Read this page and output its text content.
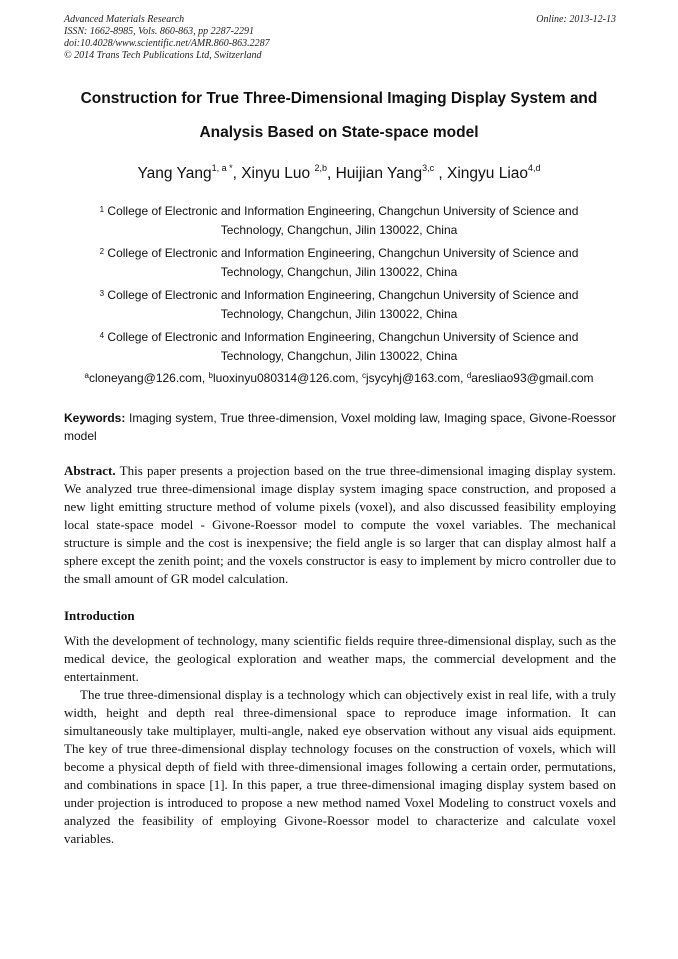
Advanced Materials Research
ISSN: 1662-8985, Vols. 860-863, pp 2287-2291
doi:10.4028/www.scientific.net/AMR.860-863.2287
© 2014 Trans Tech Publications Ltd, Switzerland
Online: 2013-12-13
Construction for True Three-Dimensional Imaging Display System and
Analysis Based on State-space model
Yang Yang$^{1, a *}$, Xinyu Luo $^{2,b}$, Huijian Yang$^{3,c}$ , Xingyu Liao$^{4,d}$
$^1$ College of Electronic and Information Engineering, Changchun University of Science and
Technology, Changchun, Jilin 130022, China
$^2$ College of Electronic and Information Engineering, Changchun University of Science and
Technology, Changchun, Jilin 130022, China
$^3$ College of Electronic and Information Engineering, Changchun University of Science and
Technology, Changchun, Jilin 130022, China
$^4$ College of Electronic and Information Engineering, Changchun University of Science and
Technology, Changchun, Jilin 130022, China
$^a$cloneyang@126.com, $^b$luoxinyu080314@126.com, $^c$jsycyhj@163.com, $^d$aresliao93@gmail.com
Keywords: Imaging system, True three-dimension, Voxel molding law, Imaging space, Givone-Roessor model
Abstract. This paper presents a projection based on the true three-dimensional imaging display system. We analyzed true three-dimensional image display system imaging space construction, and proposed a new light emitting structure method of volume pixels (voxel), and also discussed feasibility employing local state-space model - Givone-Roessor model to compute the voxel variables. The mechanical structure is simple and the cost is inexpensive; the field angle is so larger that can display almost half a sphere except the zenith point; and the voxels constructor is easy to implement by micro controller due to the small amount of GR model calculation.
Introduction
With the development of technology, many scientific fields require three-dimensional display, such as the medical device, the geological exploration and weather maps, the commercial development and the entertainment.
The true three-dimensional display is a technology which can objectively exist in real life, with a truly width, height and depth real three-dimensional space to reproduce image information. It can simultaneously take multiplayer, multi-angle, naked eye observation without any visual aids equipment. The key of true three-dimensional display technology focuses on the construction of voxels, which will become a physical depth of field with three-dimensional images following a certain order, permutations, and combinations in space [1]. In this paper, a true three-dimensional imaging display system based on under projection is introduced to propose a new method named Voxel Modeling to construct voxels and analyzed the feasibility of employing Givone-Roessor model to characterize and calculate voxel variables.
